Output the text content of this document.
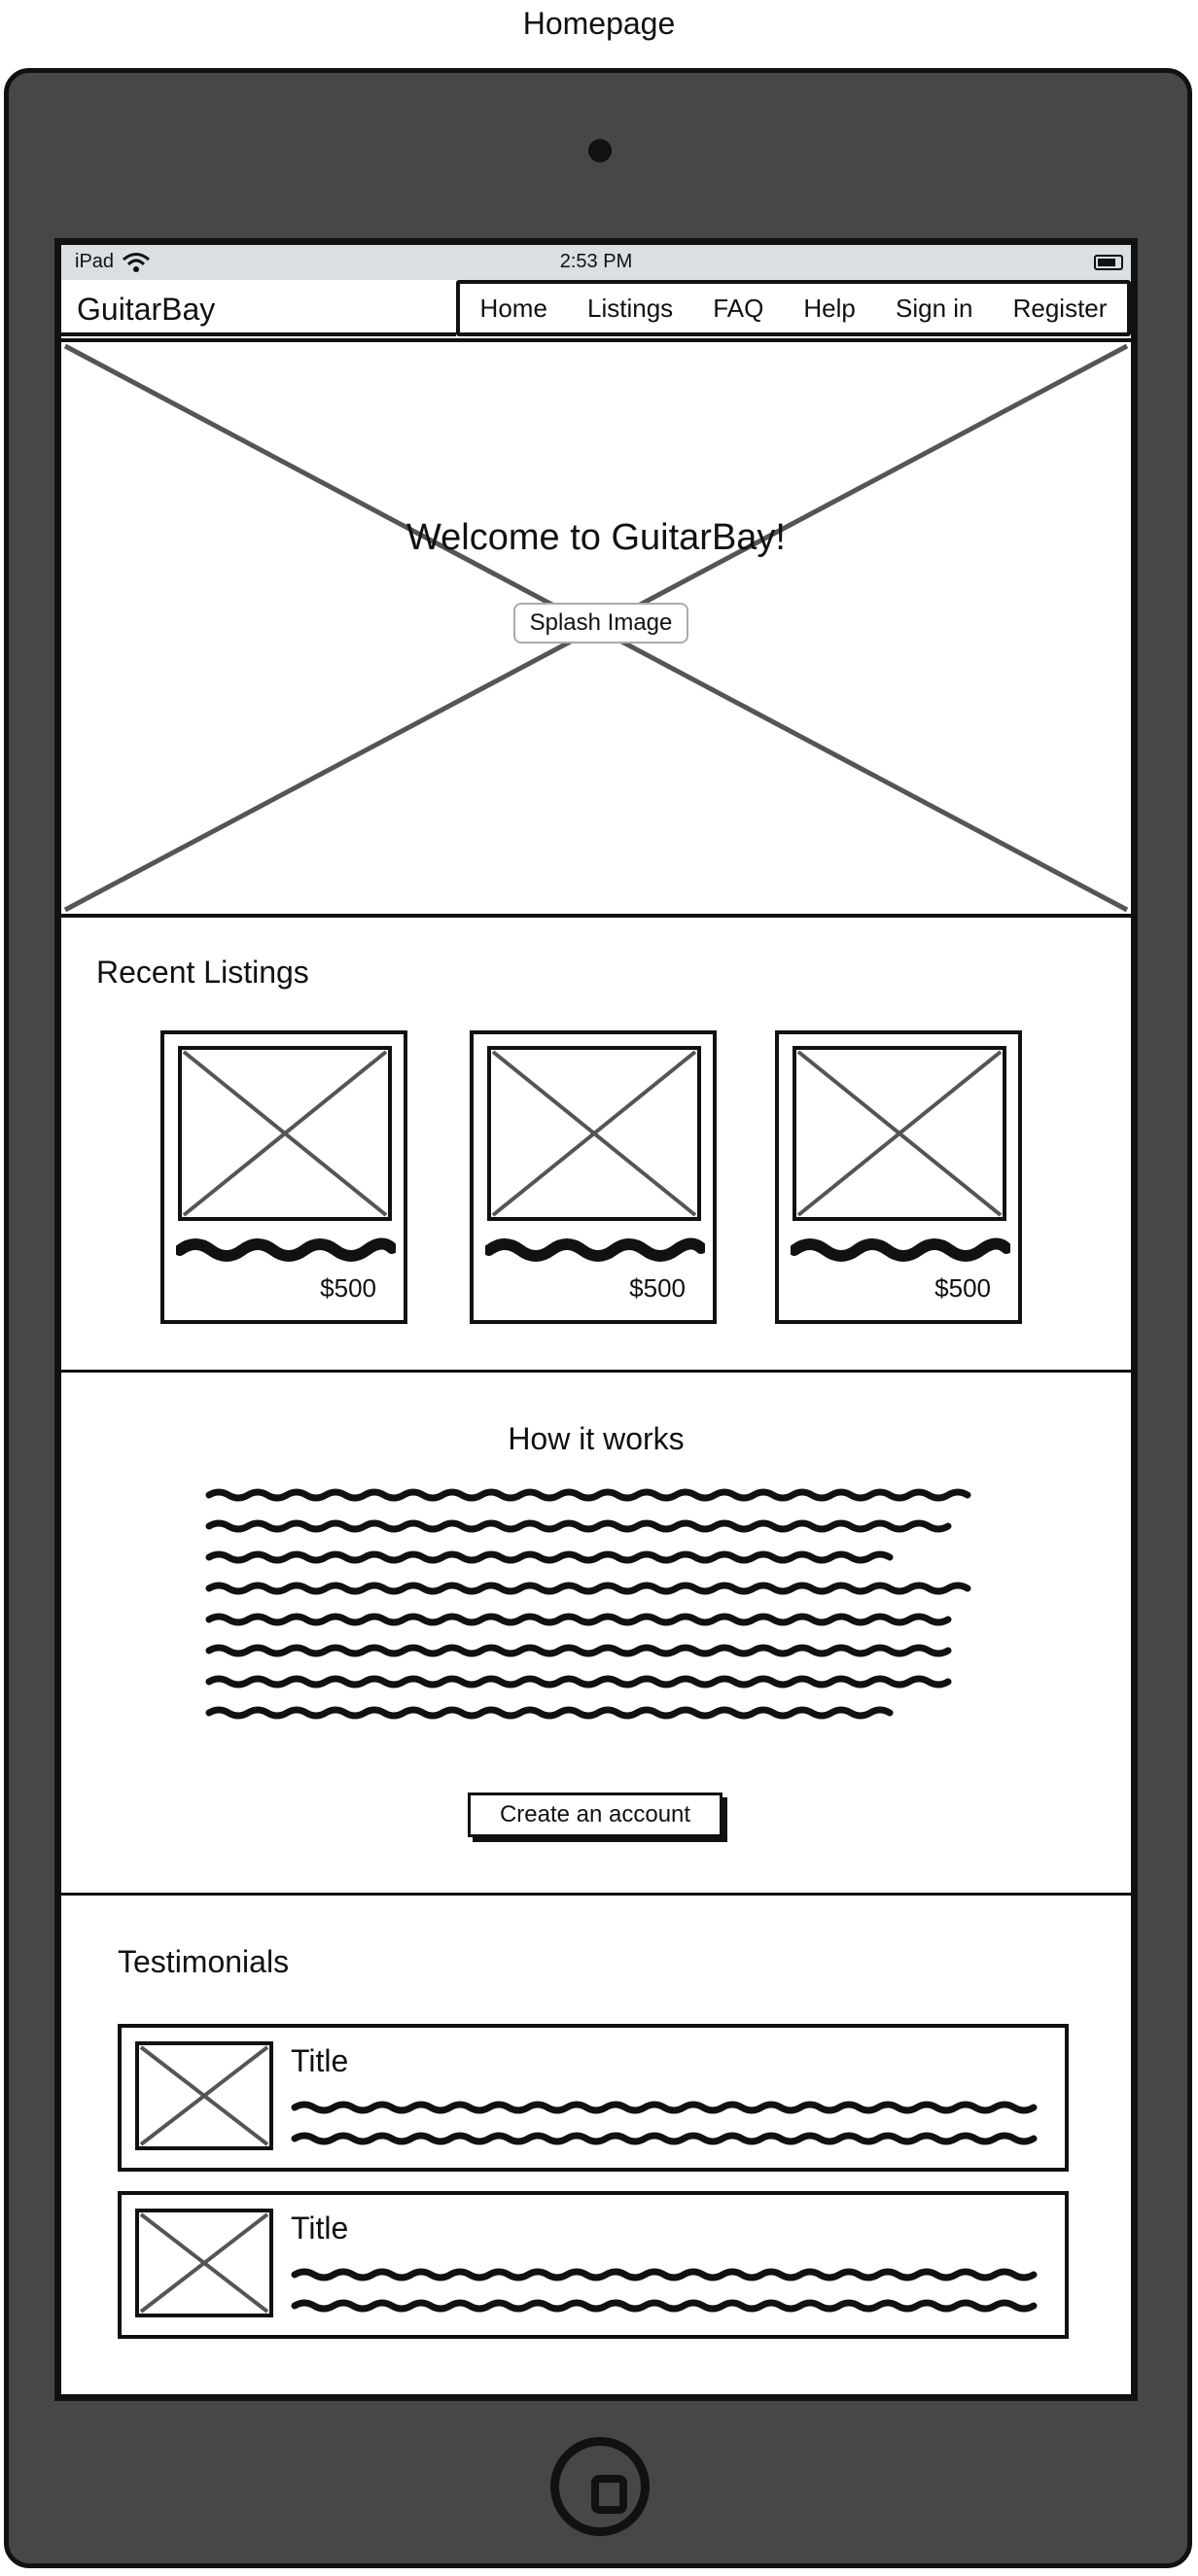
Homepage
iPad	2:53 PM
GuitarBay	Home Listings FAQ Help Sign in Register
Welcome to GuitarBay!
Splash Image
Recent Listings
$500	$500	$500
How it works
Create an account
Testimonials
Title
Title
